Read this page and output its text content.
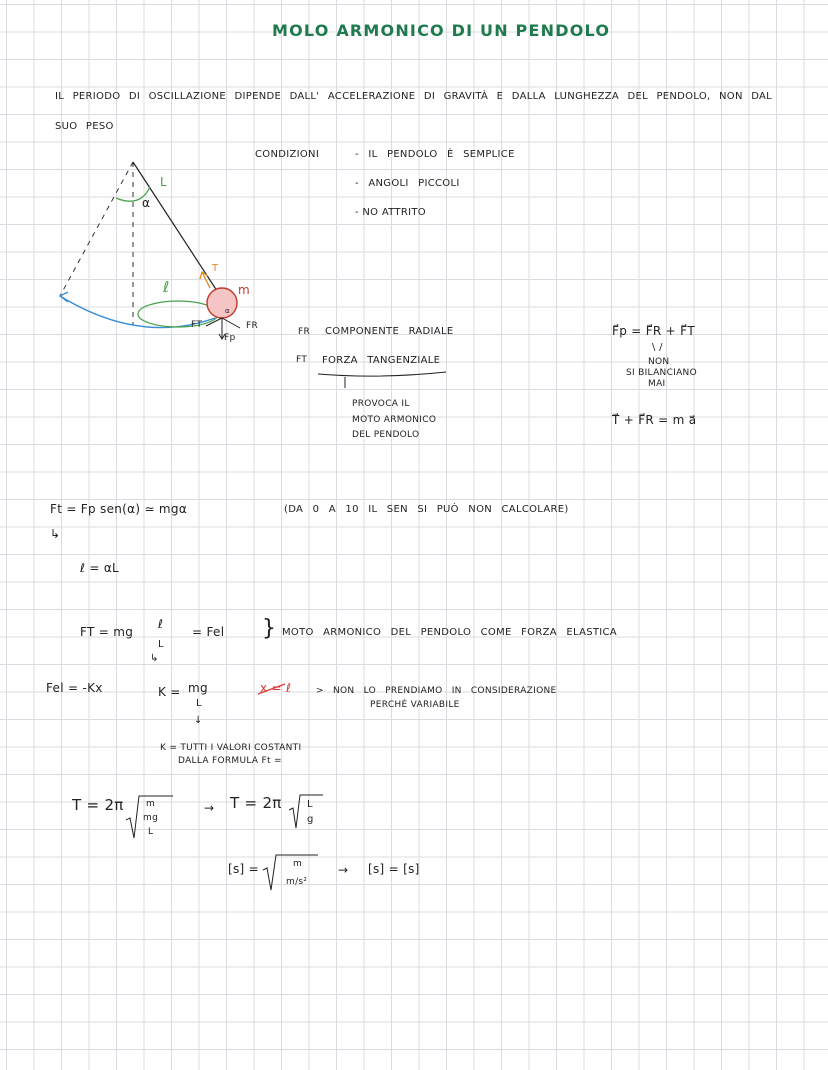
MOLO ARMONICO DI UN PENDOLO
IL PERIODO DI OSCILLAZIONE DIPENDE DALL' ACCELERAZIONE DI GRAVITÀ E DALLA LUNGHEZZA DEL PENDOLO, NON DAL
SUO PESO
L
α
ℓ
T
m
FT
Fp
FR
α
CONDIZIONI	- IL PENDOLO È SEMPLICE
- ANGOLI PICCOLI
- NO ATTRITO
FR COMPONENTE RADIALE
FT FORZA TANGENZIALE
PROVOCA IL
MOTO ARMONICO
DEL PENDOLO
F⃗p = F⃗R + F⃗T
\ /
NON
SI BILANCIANO
MAI
T⃗ + F⃗R = m a⃗
Ft = Fp sen(α) ≃ mgα	(DA 0 A 10 IL SEN SI PUÒ NON CALCOLARE)
↳
ℓ = αL
FT = mg
ℓ
L
= Fel } MOTO ARMONICO DEL PENDOLO COME FORZA ELASTICA
↳
Fel = -Kx	K = mg
L
↓
x = ℓ	> NON LO PRENDIAMO IN CONSIDERAZIONE
PERCHÉ VARIABILE
K = TUTTI I VALORI COSTANTI
DALLA FORMULA Ft =
T = 2π m
mg
L
→ T = 2π	L
g
[s] =	m
m/s²
→ [s] = [s]
